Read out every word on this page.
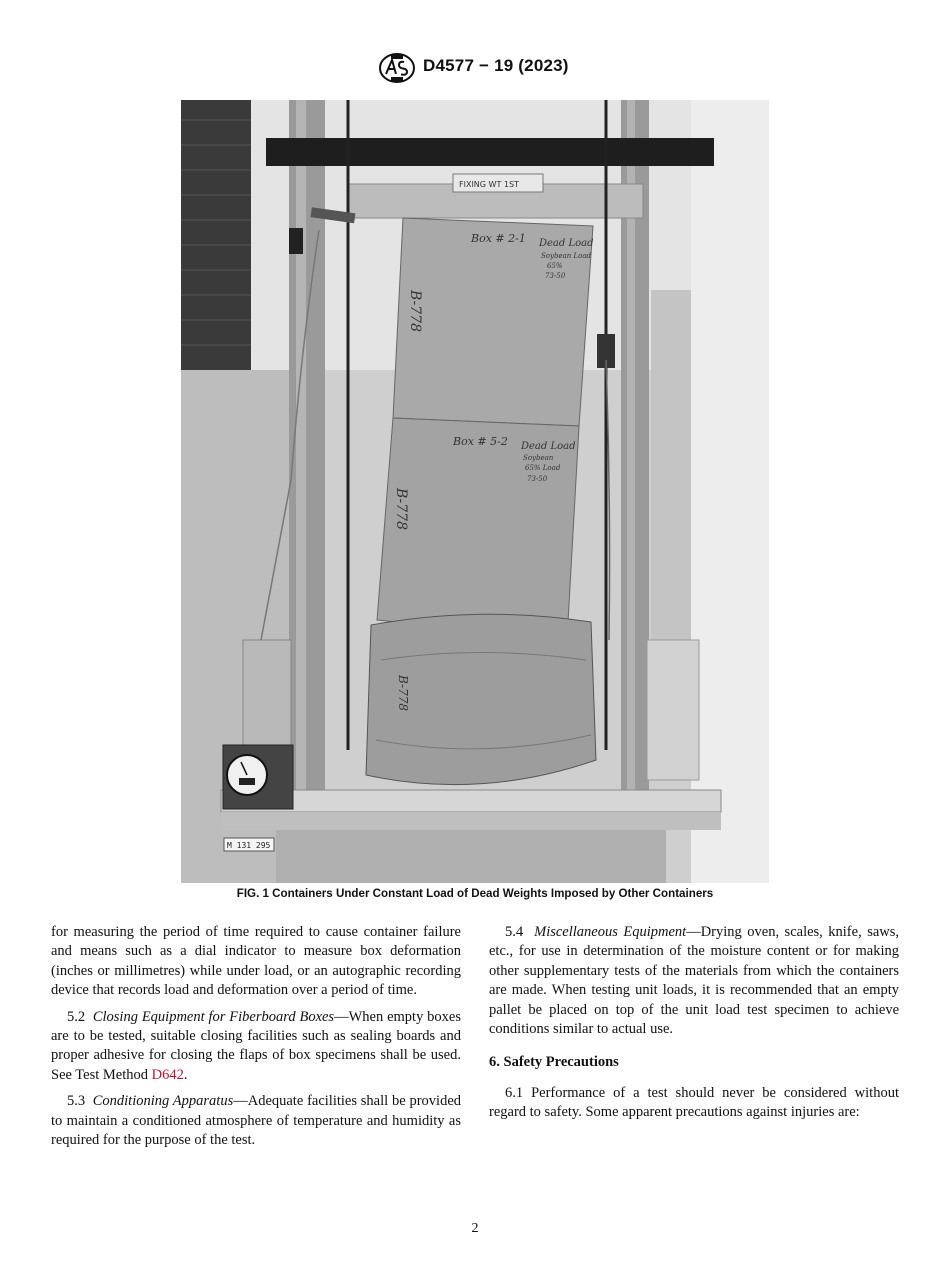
D4577 − 19 (2023)
FIXING WT 1ST
Box # 2-1 Dead Load
Soybean Load
65%
73-50
B-778
Box # 5-2 Dead Load
Soybean
65% Load
73-50
B-778
B-778
M 131 295
FIG. 1 Containers Under Constant Load of Dead Weights Imposed by Other Containers

for measuring the period of time required to cause container failure and means such as a dial indicator to measure box deformation (inches or millimetres) while under load, or an autographic recording device that records load and deformation over a period of time.

5.2 Closing Equipment for Fiberboard Boxes—When empty boxes are to be tested, suitable closing facilities such as sealing boards and proper adhesive for closing the flaps of box specimens shall be used. See Test Method D642.

5.3 Conditioning Apparatus—Adequate facilities shall be provided to maintain a conditioned atmosphere of temperature and humidity as required for the purpose of the test.

5.4 Miscellaneous Equipment—Drying oven, scales, knife, saws, etc., for use in determination of the moisture content or for making other supplementary tests of the materials from which the containers are made. When testing unit loads, it is recommended that an empty pallet be placed on top of the unit load test specimen to achieve conditions similar to actual use.

6. Safety Precautions

6.1 Performance of a test should never be considered without regard to safety. Some apparent precautions against injuries are:

2
